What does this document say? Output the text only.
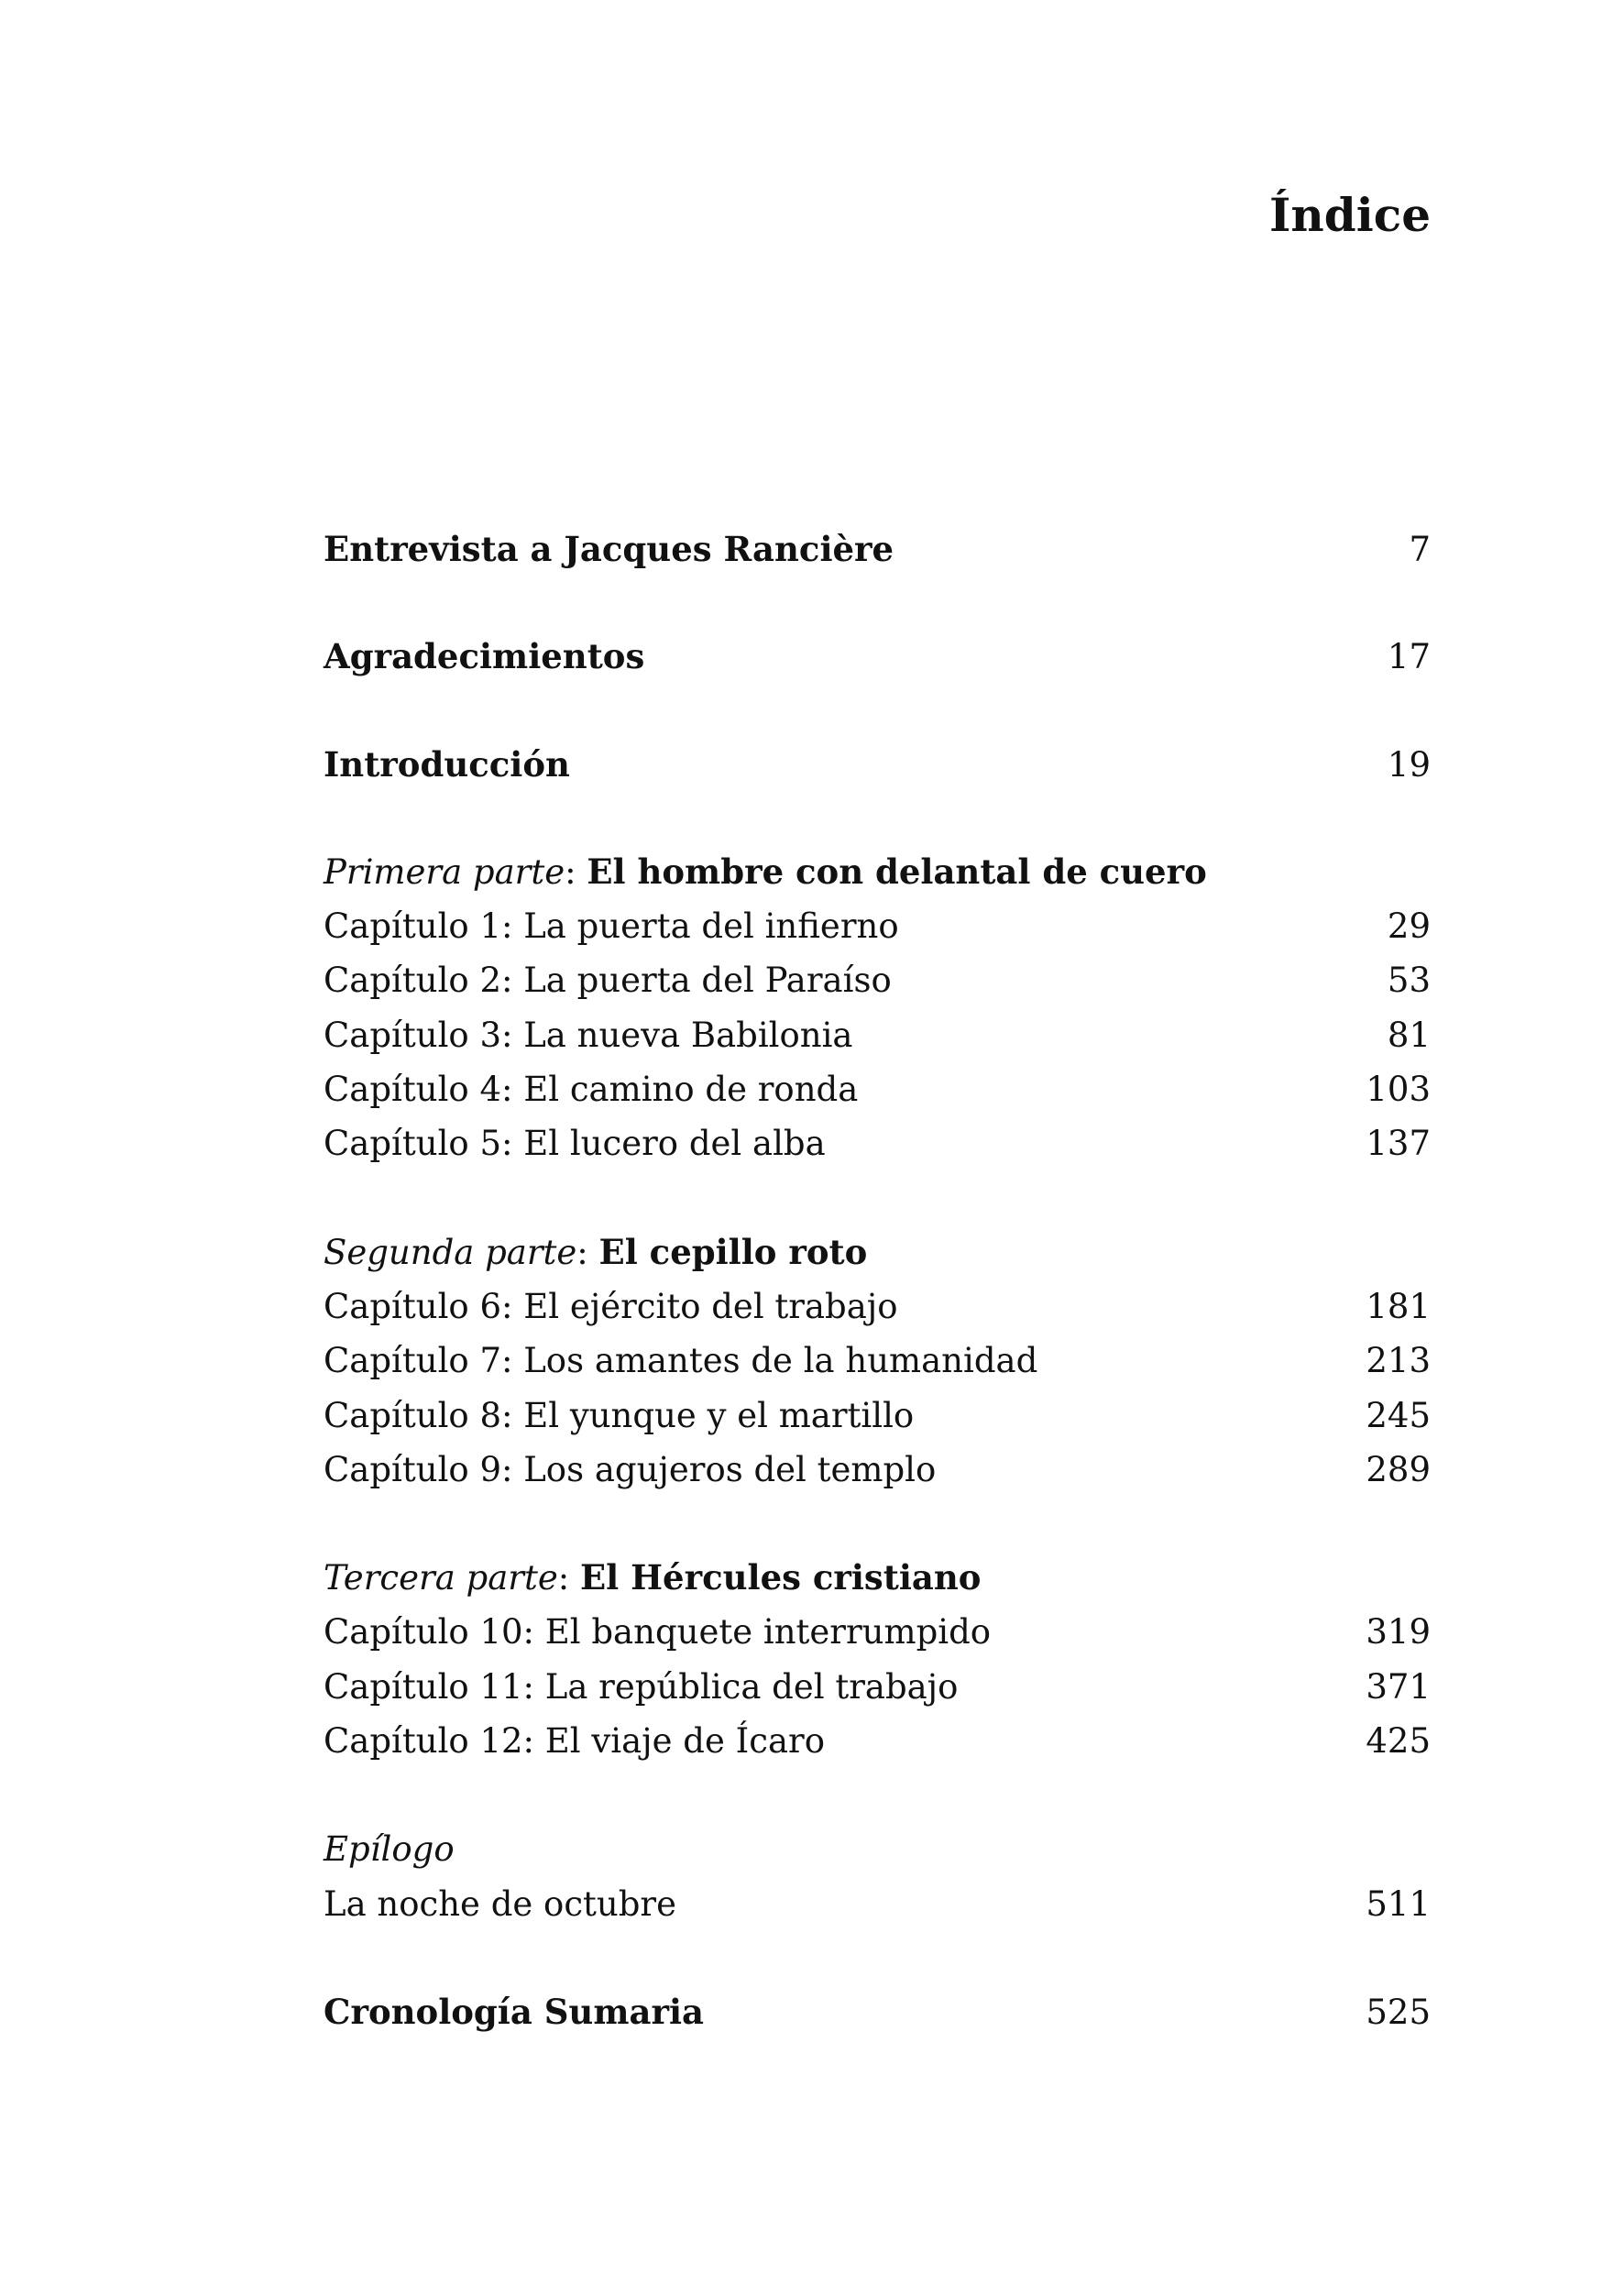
Índice
Entrevista a Jacques Rancière	7
Agradecimientos	17
Introducción	19
Primera parte: El hombre con delantal de cuero
Capítulo 1: La puerta del infierno	29
Capítulo 2: La puerta del Paraíso	53
Capítulo 3: La nueva Babilonia	81
Capítulo 4: El camino de ronda	103
Capítulo 5: El lucero del alba	137
Segunda parte: El cepillo roto
Capítulo 6: El ejército del trabajo	181
Capítulo 7: Los amantes de la humanidad	213
Capítulo 8: El yunque y el martillo	245
Capítulo 9: Los agujeros del templo	289
Tercera parte: El Hércules cristiano
Capítulo 10: El banquete interrumpido	319
Capítulo 11: La república del trabajo	371
Capítulo 12: El viaje de Ícaro	425
Epílogo
La noche de octubre	511
Cronología Sumaria	525
